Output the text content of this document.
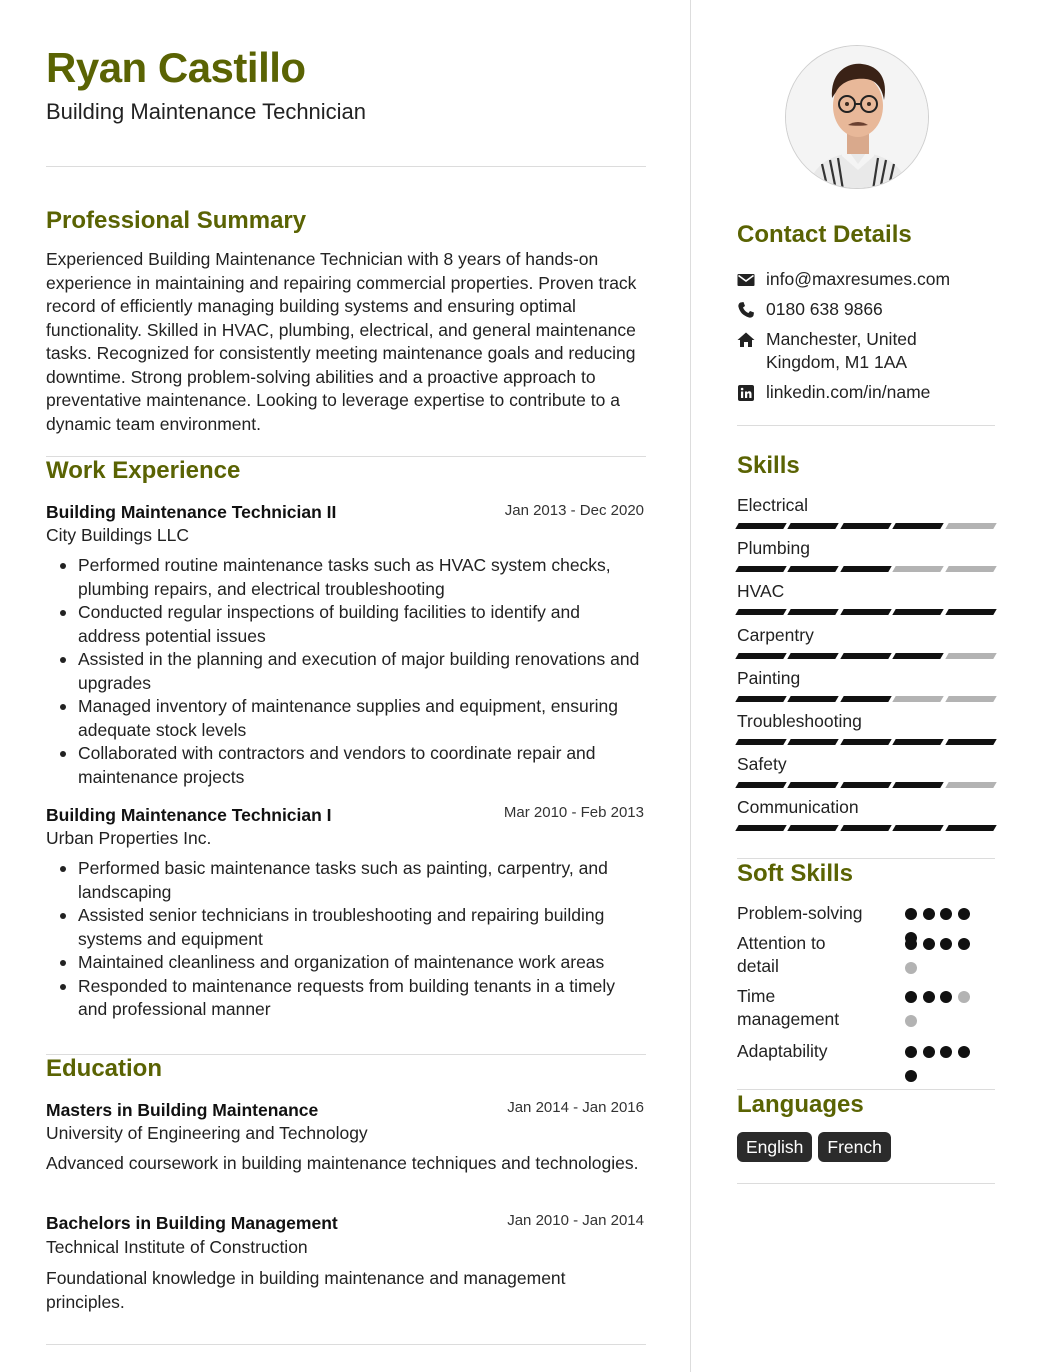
Ryan Castillo
Building Maintenance Technician
Professional Summary
Experienced Building Maintenance Technician with 8 years of hands-on experience in maintaining and repairing commercial properties. Proven track record of efficiently managing building systems and ensuring optimal functionality. Skilled in HVAC, plumbing, electrical, and general maintenance tasks. Recognized for consistently meeting maintenance goals and reducing downtime. Strong problem-solving abilities and a proactive approach to preventative maintenance. Looking to leverage expertise to contribute to a dynamic team environment.
Work Experience
Building Maintenance Technician II	Jan 2013 - Dec 2020
City Buildings LLC
Performed routine maintenance tasks such as HVAC system checks, plumbing repairs, and electrical troubleshooting
Conducted regular inspections of building facilities to identify and address potential issues
Assisted in the planning and execution of major building renovations and upgrades
Managed inventory of maintenance supplies and equipment, ensuring adequate stock levels
Collaborated with contractors and vendors to coordinate repair and maintenance projects
Building Maintenance Technician I	Mar 2010 - Feb 2013
Urban Properties Inc.
Performed basic maintenance tasks such as painting, carpentry, and landscaping
Assisted senior technicians in troubleshooting and repairing building systems and equipment
Maintained cleanliness and organization of maintenance work areas
Responded to maintenance requests from building tenants in a timely and professional manner
Education
Masters in Building Maintenance	Jan 2014 - Jan 2016
University of Engineering and Technology
Advanced coursework in building maintenance techniques and technologies.
Bachelors in Building Management	Jan 2010 - Jan 2014
Technical Institute of Construction
Foundational knowledge in building maintenance and management principles.
Contact Details
info@maxresumes.com
0180 638 9866
Manchester, United Kingdom, M1 1AA
linkedin.com/in/name
Skills
Electrical
Plumbing
HVAC
Carpentry
Painting
Troubleshooting
Safety
Communication
Soft Skills
Problem-solving
Attention to detail
Time management
Adaptability
Languages
English	French
